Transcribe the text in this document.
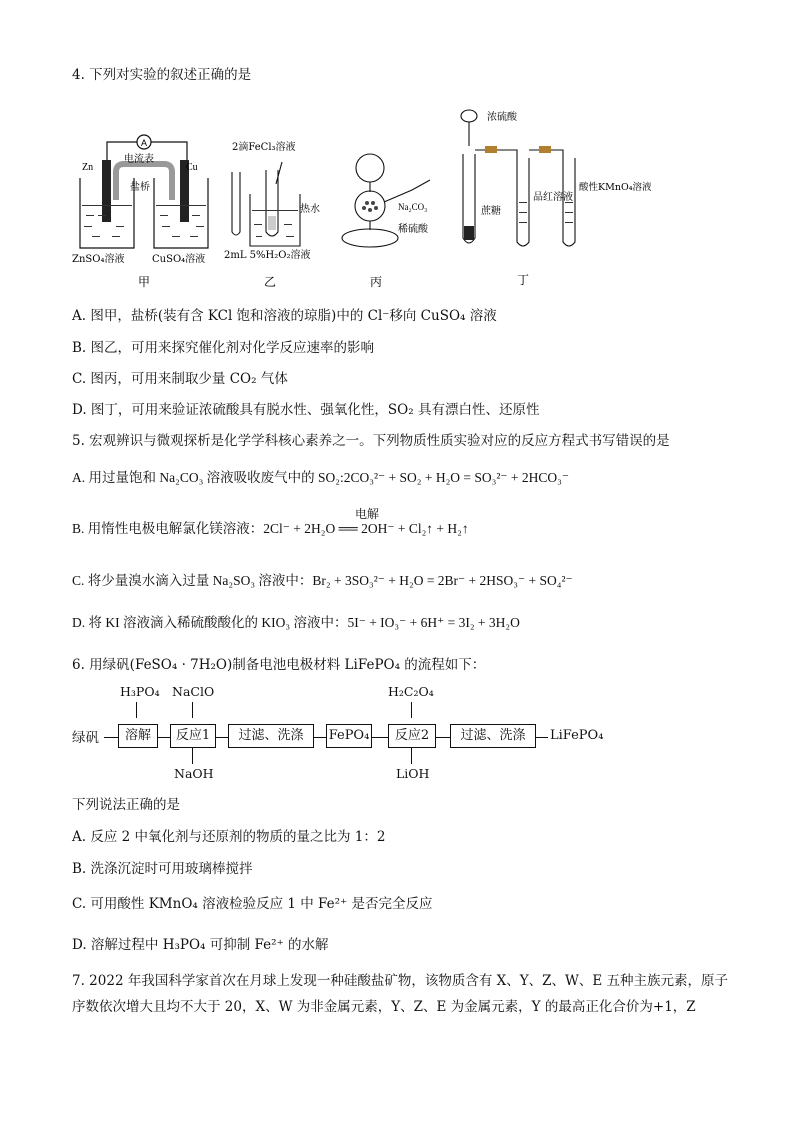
4. 下列对实验的叙述正确的是
A
电流表
Zn	Cu
盐桥
ZnSO₄溶液	CuSO₄溶液
甲
2滴FeCl₃溶液
热水
2mL 5%H₂O₂溶液
乙
Na₂CO₃
稀硫酸
丙
浓硫酸
蔗糖
品红溶液
酸性KMnO₄溶液
丁
A. 图甲，盐桥(装有含 KCl 饱和溶液的琼脂)中的 Cl⁻移向 CuSO₄ 溶液
B. 图乙，可用来探究催化剂对化学反应速率的影响
C. 图丙，可用来制取少量 CO₂ 气体
D. 图丁，可用来验证浓硫酸具有脱水性、强氧化性，SO₂ 具有漂白性、还原性
5. 宏观辨识与微观探析是化学学科核心素养之一。下列物质性质实验对应的反应方程式书写错误的是
A. 用过量饱和 Na₂CO₃ 溶液吸收废气中的 SO₂:2CO₃²⁻ + SO₂ + H₂O = SO₃²⁻ + 2HCO₃⁻
电解
B. 用惰性电极电解氯化镁溶液：2Cl⁻ + 2H₂O ══ 2OH⁻ + Cl₂↑ + H₂↑
C. 将少量溴水滴入过量 Na₂SO₃ 溶液中：Br₂ + 3SO₃²⁻ + H₂O = 2Br⁻ + 2HSO₃⁻ + SO₄²⁻
D. 将 KI 溶液滴入稀硫酸酸化的 KIO₃ 溶液中：5I⁻ + IO₃⁻ + 6H⁺ = 3I₂ + 3H₂O
6. 用绿矾(FeSO₄ · 7H₂O)制备电池电极材料 LiFePO₄ 的流程如下：
H₃PO₄ NaClO	H₂C₂O₄
绿矾	溶解	反应1	过滤、洗涤	FePO₄	反应2	过滤、洗涤	LiFePO₄
NaOH	LiOH
下列说法正确的是
A. 反应 2 中氧化剂与还原剂的物质的量之比为 1：2
B. 洗涤沉淀时可用玻璃棒搅拌
C. 可用酸性 KMnO₄ 溶液检验反应 1 中 Fe²⁺ 是否完全反应
D. 溶解过程中 H₃PO₄ 可抑制 Fe²⁺ 的水解
7. 2022 年我国科学家首次在月球上发现一种硅酸盐矿物，该物质含有 X、Y、Z、W、E 五种主族元素，原子序数依次增大且均不大于 20，X、W 为非金属元素，Y、Z、E 为金属元素，Y 的最高正化合价为+1，Z
